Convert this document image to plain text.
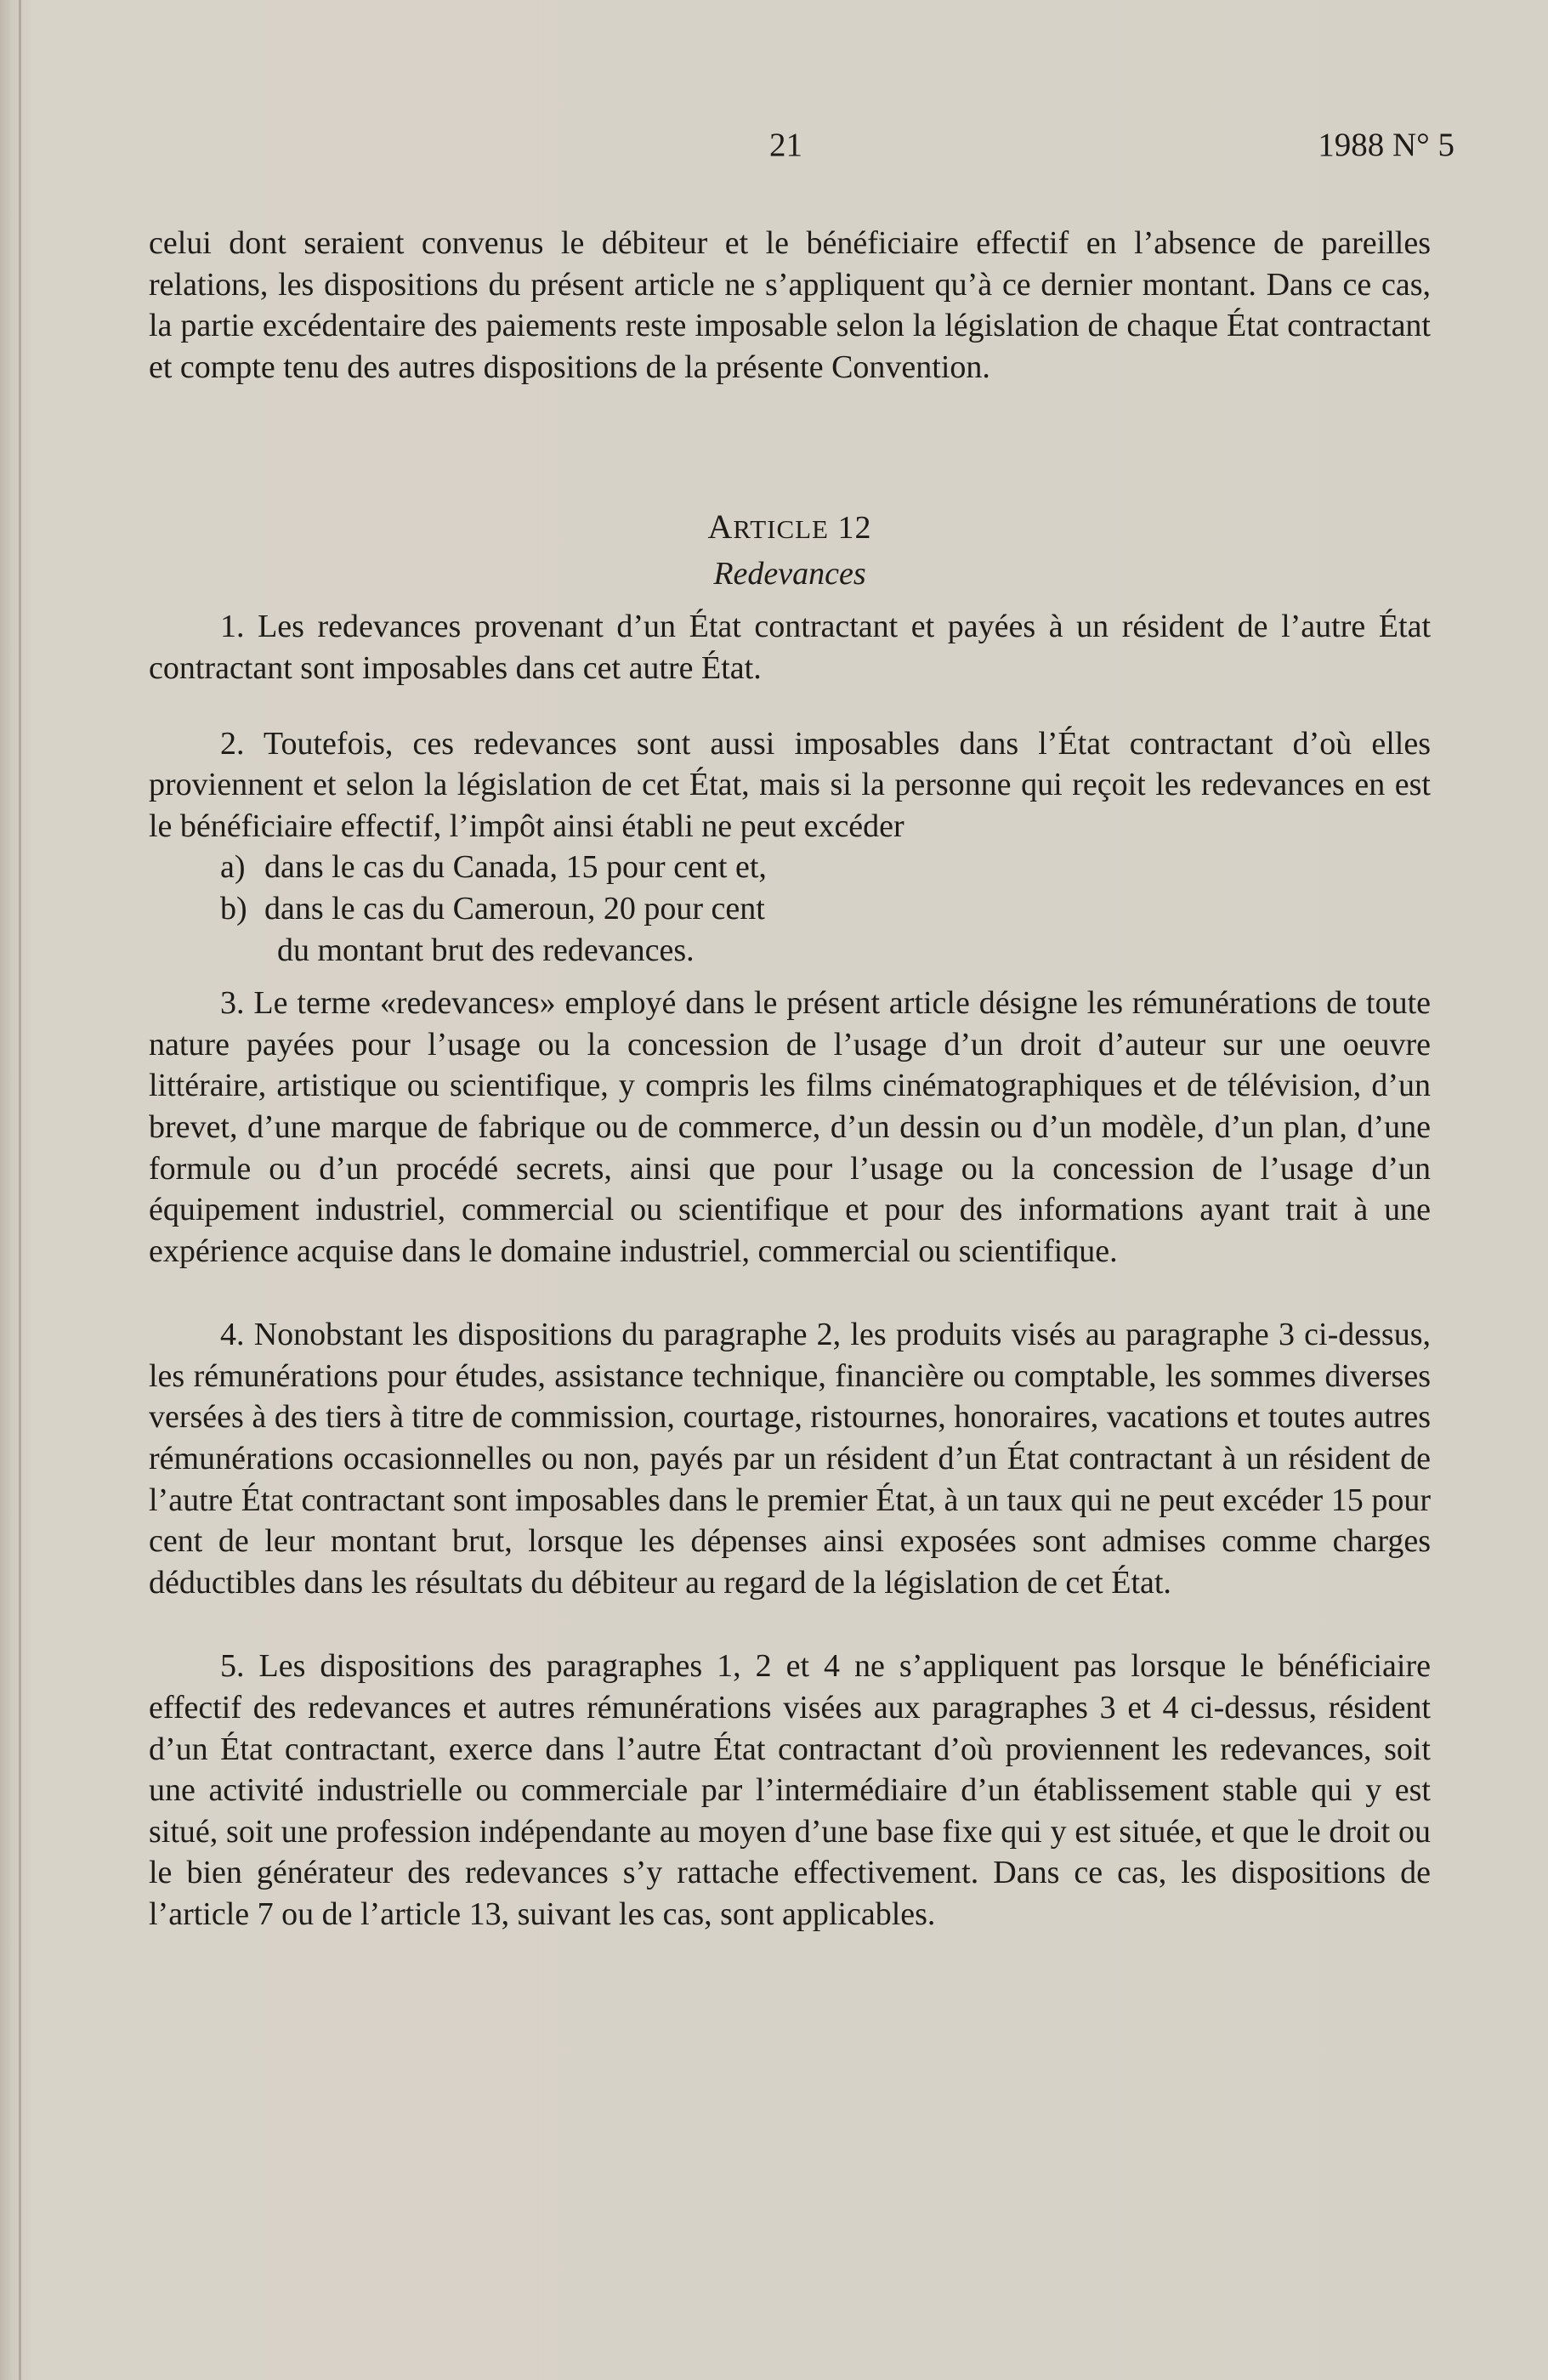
21	1988 N° 5

celui dont seraient convenus le débiteur et le bénéficiaire effectif en l’absence de pareilles relations, les dispositions du présent article ne s’appliquent qu’à ce dernier montant. Dans ce cas, la partie excédentaire des paiements reste imposable selon la législation de chaque État contractant et compte tenu des autres dispositions de la présente Convention.

ARTICLE 12
Redevances

1. Les redevances provenant d’un État contractant et payées à un résident de l’autre État contractant sont imposables dans cet autre État.

2. Toutefois, ces redevances sont aussi imposables dans l’État contractant d’où elles proviennent et selon la législation de cet État, mais si la personne qui reçoit les redevances en est le bénéficiaire effectif, l’impôt ainsi établi ne peut excéder

a) dans le cas du Canada, 15 pour cent et,

b) dans le cas du Cameroun, 20 pour cent

du montant brut des redevances.

3. Le terme «redevances» employé dans le présent article désigne les rémunérations de toute nature payées pour l’usage ou la concession de l’usage d’un droit d’auteur sur une oeuvre littéraire, artistique ou scientifique, y compris les films cinématographiques et de télévision, d’un brevet, d’une marque de fabrique ou de commerce, d’un dessin ou d’un modèle, d’un plan, d’une formule ou d’un procédé secrets, ainsi que pour l’usage ou la concession de l’usage d’un équipement industriel, commercial ou scientifique et pour des informations ayant trait à une expérience acquise dans le domaine industriel, commercial ou scientifique.

4. Nonobstant les dispositions du paragraphe 2, les produits visés au paragraphe 3 ci-dessus, les rémunérations pour études, assistance technique, financière ou comptable, les sommes diverses versées à des tiers à titre de commission, courtage, ristournes, honoraires, vacations et toutes autres rémunérations occasionnelles ou non, payés par un résident d’un État contractant à un résident de l’autre État contractant sont imposables dans le premier État, à un taux qui ne peut excéder 15 pour cent de leur montant brut, lorsque les dépenses ainsi exposées sont admises comme charges déductibles dans les résultats du débiteur au regard de la législation de cet État.

5. Les dispositions des paragraphes 1, 2 et 4 ne s’appliquent pas lorsque le bénéficiaire effectif des redevances et autres rémunérations visées aux paragraphes 3 et 4 ci-dessus, résident d’un État contractant, exerce dans l’autre État contractant d’où proviennent les redevances, soit une activité industrielle ou commerciale par l’intermédiaire d’un établissement stable qui y est situé, soit une profession indépendante au moyen d’une base fixe qui y est située, et que le droit ou le bien générateur des redevances s’y rattache effectivement. Dans ce cas, les dispositions de l’article 7 ou de l’article 13, suivant les cas, sont applicables.
